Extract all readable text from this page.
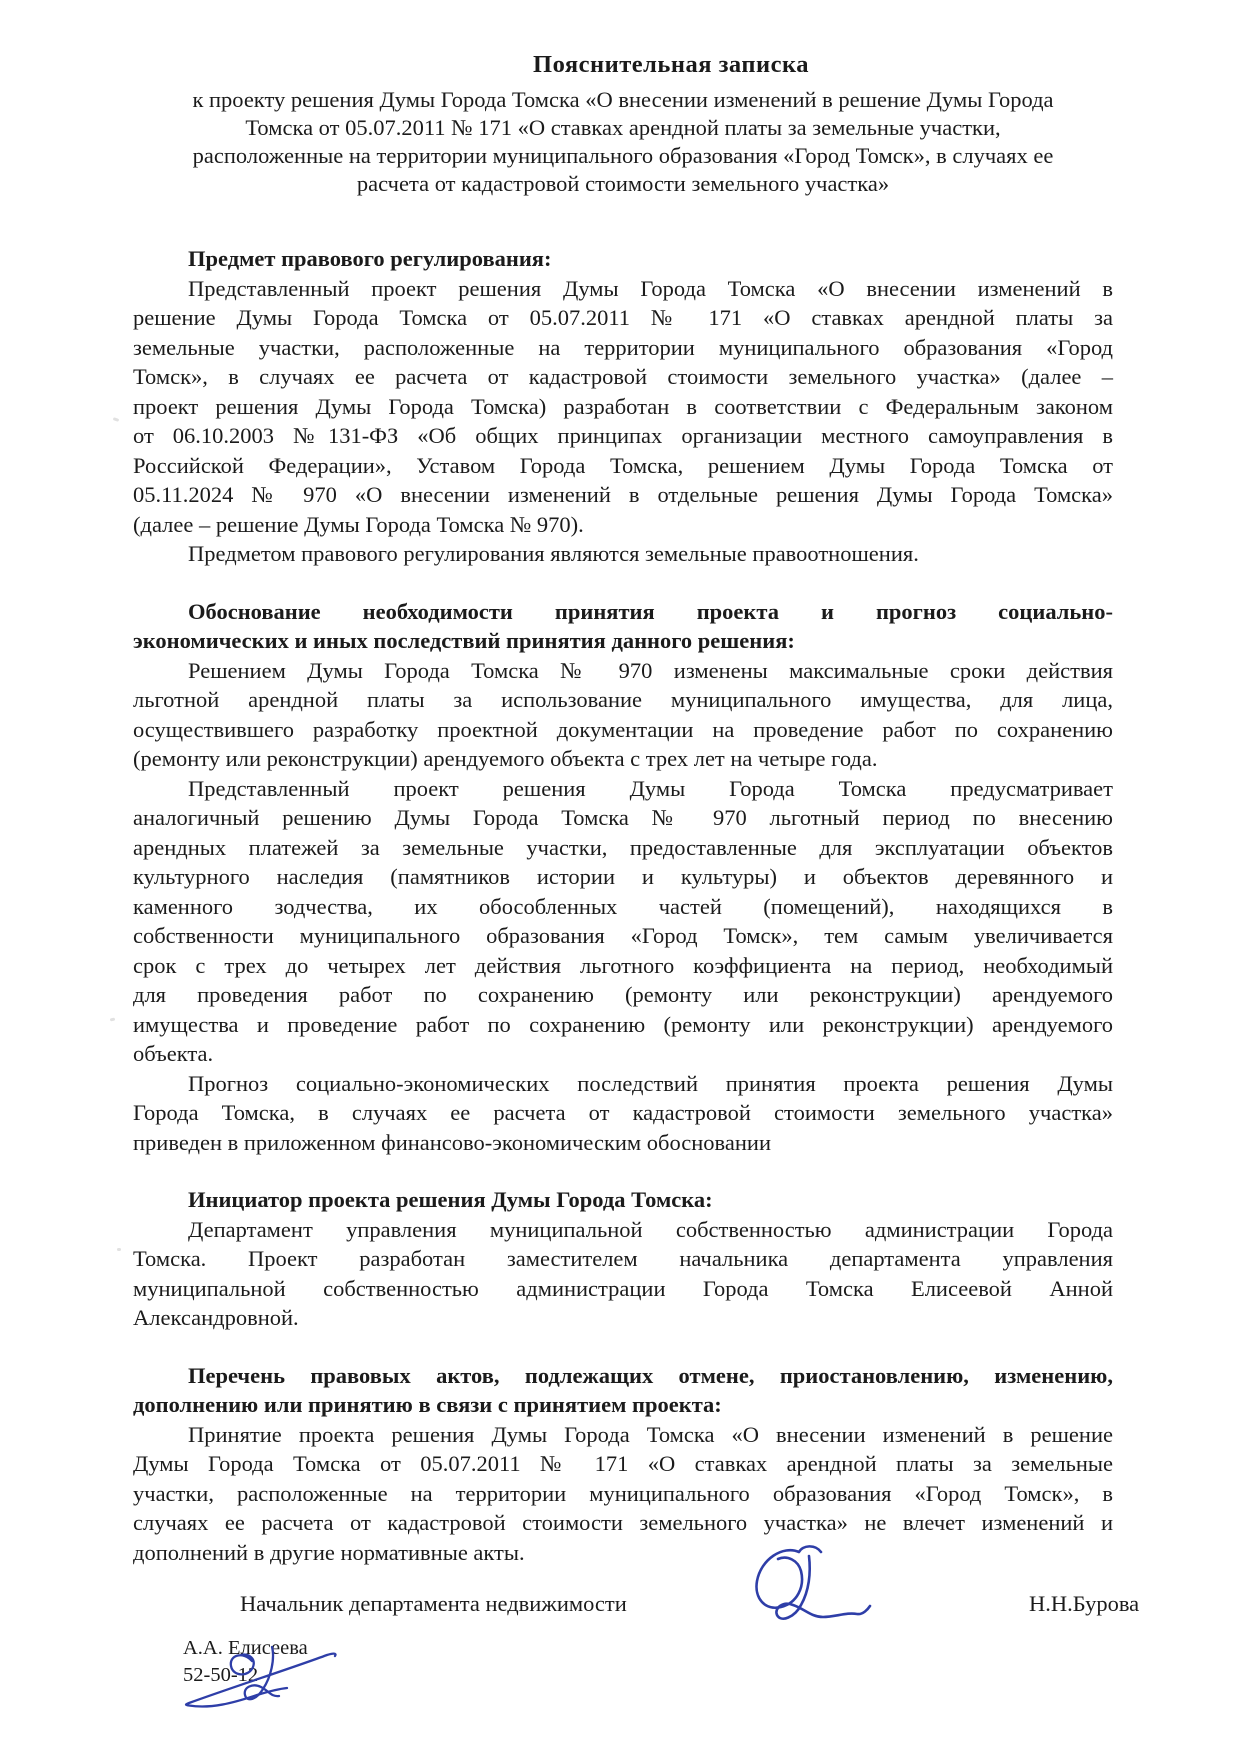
Пояснительная записка
к проекту решения Думы Города Томска «О внесении изменений в решение Думы Города
Томска от 05.07.2011 № 171 «О ставках арендной платы за земельные участки,
расположенные на территории муниципального образования «Город Томск», в случаях ее
расчета от кадастровой стоимости земельного участка»
Предмет правового регулирования:
Представленный проект решения Думы Города Томска «О внесении изменений в
решение Думы Города Томска от 05.07.2011 № 171 «О ставках арендной платы за
земельные участки, расположенные на территории муниципального образования «Город
Томск», в случаях ее расчета от кадастровой стоимости земельного участка» (далее –
проект решения Думы Города Томска) разработан в соответствии с Федеральным законом
от 06.10.2003 №131-ФЗ «Об общих принципах организации местного самоуправления в
Российской Федерации», Уставом Города Томска, решением Думы Города Томска от
05.11.2024 № 970 «О внесении изменений в отдельные решения Думы Города Томска»
(далее – решение Думы Города Томска № 970).
Предметом правового регулирования являются земельные правоотношения.
Обоснование необходимости принятия проекта и прогноз социально-
экономических и иных последствий принятия данного решения:
Решением Думы Города Томска № 970 изменены максимальные сроки действия
льготной арендной платы за использование муниципального имущества, для лица,
осуществившего разработку проектной документации на проведение работ по сохранению
(ремонту или реконструкции) арендуемого объекта с трех лет на четыре года.
Представленный проект решения Думы Города Томска предусматривает
аналогичный решению Думы Города Томска № 970 льготный период по внесению
арендных платежей за земельные участки, предоставленные для эксплуатации объектов
культурного наследия (памятников истории и культуры) и объектов деревянного и
каменного зодчества, их обособленных частей (помещений), находящихся в
собственности муниципального образования «Город Томск», тем самым увеличивается
срок с трех до четырех лет действия льготного коэффициента на период, необходимый
для проведения работ по сохранению (ремонту или реконструкции) арендуемого
имущества и проведение работ по сохранению (ремонту или реконструкции) арендуемого
объекта.
Прогноз социально-экономических последствий принятия проекта решения Думы
Города Томска, в случаях ее расчета от кадастровой стоимости земельного участка»
приведен в приложенном финансово-экономическим обосновании
Инициатор проекта решения Думы Города Томска:
Департамент управления муниципальной собственностью администрации Города
Томска. Проект разработан заместителем начальника департамента управления
муниципальной собственностью администрации Города Томска Елисеевой Анной
Александровной.
Перечень правовых актов, подлежащих отмене, приостановлению, изменению,
дополнению или принятию в связи с принятием проекта:
Принятие проекта решения Думы Города Томска «О внесении изменений в решение
Думы Города Томска от 05.07.2011 № 171 «О ставках арендной платы за земельные
участки, расположенные на территории муниципального образования «Город Томск», в
случаях ее расчета от кадастровой стоимости земельного участка» не влечет изменений и
дополнений в другие нормативные акты.
Начальник департамента недвижимости	Н.Н.Бурова
А.А. Елисеева
52-50-12
